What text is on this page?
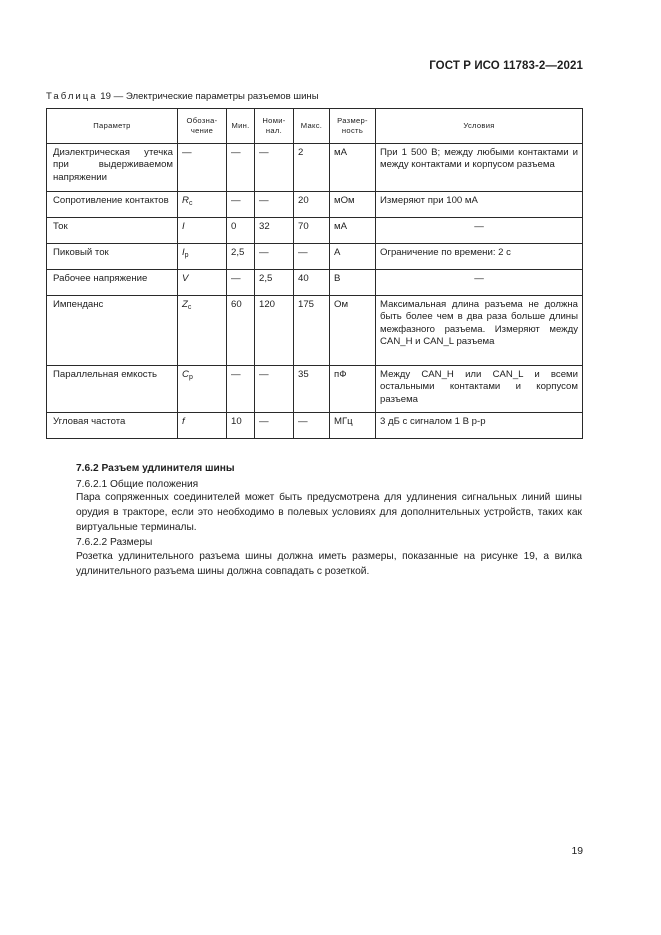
ГОСТ Р ИСО 11783-2—2021
Таблица 19 — Электрические параметры разъемов шины
Параметр	Обозна- чение	Мин.	Номи- нал.	Макс.	Размер- ность	Условия
Диэлектрическая утечка при выдерживаемом напряжении	—	—	—	2	мА	При 1 500 В; между любыми контактами и между контактами и корпусом разъема
Сопротивление контактов	$R_c$	—	—	20	мОм	Измеряют при 100 мА
Ток	I	0	32	70	мА	—
Пиковый ток	$I_p$	2,5	—	—	А	Ограничение по времени: 2 с
Рабочее напряжение	V	—	2,5	40	В	—
Импенданс	$Z_c$	60	120	175	Ом	Максимальная длина разъема не должна быть более чем в два раза больше длины межфазного разъема. Измеряют между CAN_H и CAN_L разъема
Параллельная емкость	$C_p$	—	—	35	пФ	Между CAN_H или CAN_L и всеми остальными контактами и корпусом разъема
Угловая частота	f	10	—	—	МГц	3 дБ с сигналом 1 В р-р
7.6.2 Разъем удлинителя шины
7.6.2.1 Общие положения
Пара сопряженных соединителей может быть предусмотрена для удлинения сигнальных линий шины орудия в тракторе, если это необходимо в полевых условиях для дополнительных устройств, таких как виртуальные терминалы.
7.6.2.2 Размеры
Розетка удлинительного разъема шины должна иметь размеры, показанные на рисунке 19, а вилка удлинительного разъема шины должна совпадать с розеткой.
19
